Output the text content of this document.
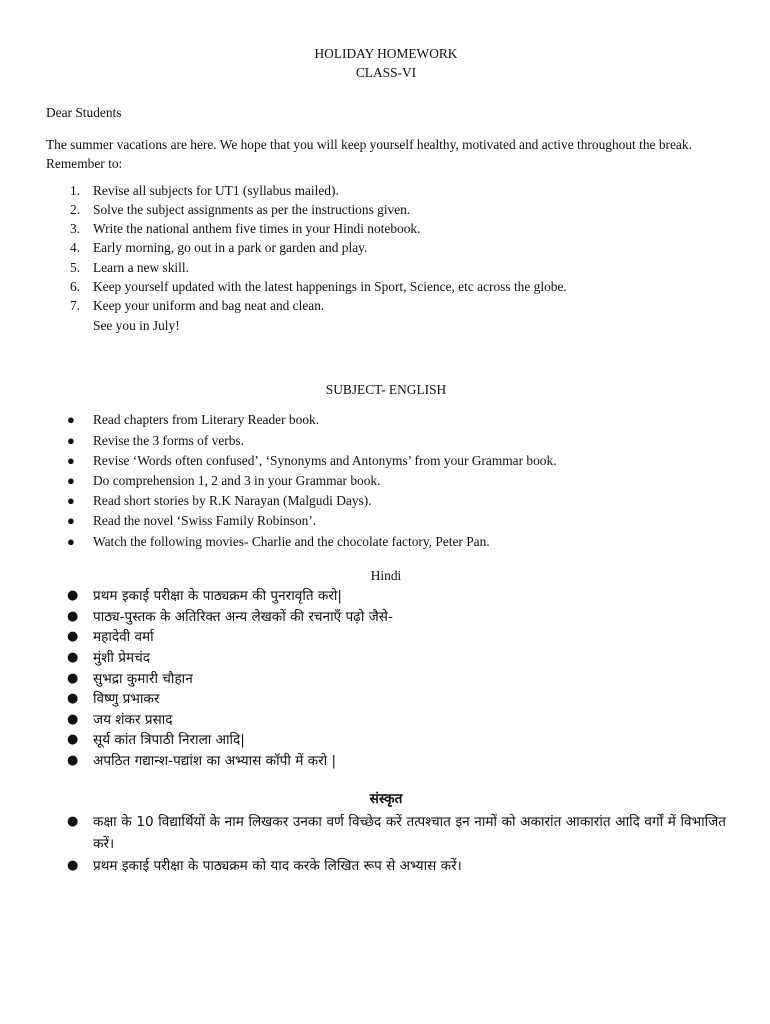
HOLIDAY HOMEWORK
CLASS-VI
Dear Students
The summer vacations are here. We hope that you will keep yourself healthy, motivated and active throughout the break. Remember to:
1. Revise all subjects for UT1 (syllabus mailed).
2. Solve the subject assignments as per the instructions given.
3. Write the national anthem five times in your Hindi notebook.
4. Early morning, go out in a park or garden and play.
5. Learn a new skill.
6. Keep yourself updated with the latest happenings in Sport, Science, etc across the globe.
7. Keep your uniform and bag neat and clean.
See you in July!
SUBJECT- ENGLISH
● Read chapters from Literary Reader book.
● Revise the 3 forms of verbs.
● Revise ‘Words often confused’, ‘Synonyms and Antonyms’ from your Grammar book.
● Do comprehension 1, 2 and 3 in your Grammar book.
● Read short stories by R.K Narayan (Malgudi Days).
● Read the novel ‘Swiss Family Robinson’.
● Watch the following movies- Charlie and the chocolate factory, Peter Pan.
Hindi
● प्रथम इकाई परीक्षा के पाठ्यक्रम की पुनरावृति करो|
● पाठ्य-पुस्तक के अतिरिक्त अन्य लेखकों की रचनाएँ पढ़ो जैसे-
● महादेवी वर्मा
● मुंशी प्रेमचंद
● सुभद्रा कुमारी चौहान
● विष्णु प्रभाकर
● जय शंकर प्रसाद
● सूर्य कांत त्रिपाठी निराला आदि|
● अपठित गद्यान्श-पद्यांश का अभ्यास कॉपी में करो |
संस्कृत
● कक्षा के 10 विद्यार्थियों के नाम लिखकर उनका वर्ण विच्छेद करें तत्पश्चात इन नामों को अकारांत आकारांत आदि वर्गों में विभाजित करें।
● प्रथम इकाई परीक्षा के पाठ्यक्रम को याद करके लिखित रूप से अभ्यास करें।
